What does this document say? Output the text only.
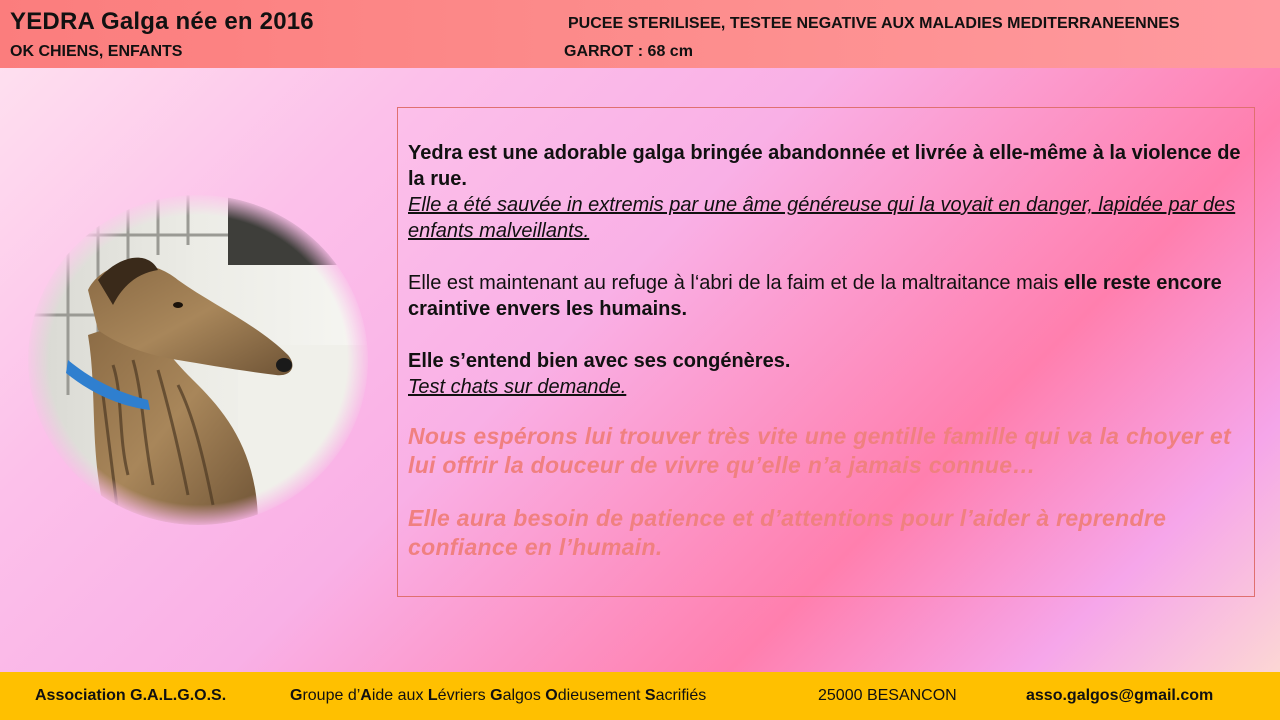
YEDRA Galga née en 2016
OK CHIENS, ENFANTS
PUCEE STERILISEE, TESTEE NEGATIVE AUX MALADIES MEDITERRANEENNES
GARROT : 68 cm

Yedra est une adorable galga bringée abandonnée et livrée à elle-même à la violence de la rue.

Elle a été sauvée in extremis par une âme généreuse qui la voyait en danger, lapidée par des enfants malveillants.

Elle est maintenant au refuge à l‘abri de la faim et de la maltraitance mais elle reste encore craintive envers les humains.

Elle s’entend bien avec ses congénères.

Test chats sur demande.

Nous espérons lui trouver très vite une gentille famille qui va la choyer et lui offrir la douceur de vivre qu’elle n’a jamais connue…

Elle aura besoin de patience et d’attentions pour l’aider à reprendre confiance en l’humain.

Association G.A.L.G.O.S.	Groupe d’Aide aux Lévriers Galgos Odieusement Sacrifiés	25000 BESANCON	asso.galgos@gmail.com
